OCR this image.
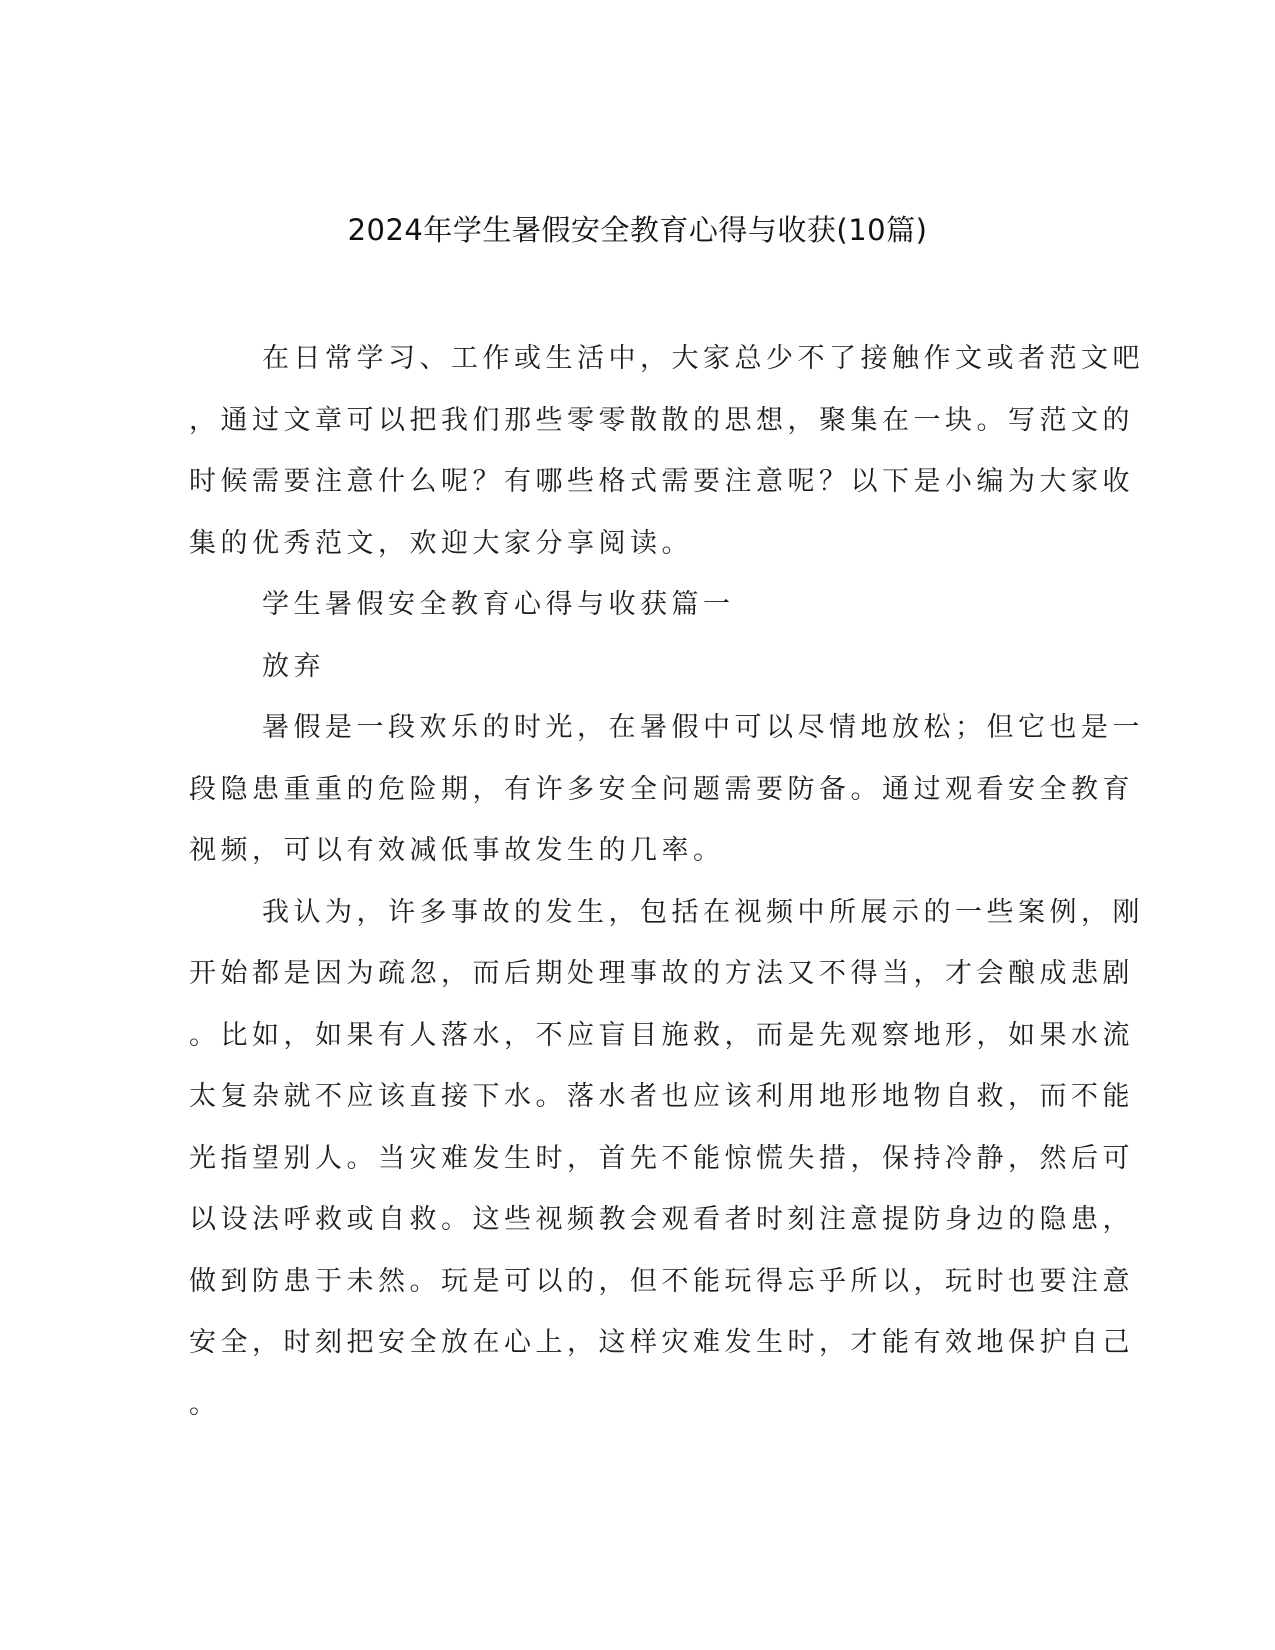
2024年学生暑假安全教育心得与收获(10篇)
在日常学习、工作或生活中，大家总少不了接触作文或者范文吧
，通过文章可以把我们那些零零散散的思想，聚集在一块。写范文的
时候需要注意什么呢？有哪些格式需要注意呢？以下是小编为大家收
集的优秀范文，欢迎大家分享阅读。
学生暑假安全教育心得与收获篇一
放弃
暑假是一段欢乐的时光，在暑假中可以尽情地放松；但它也是一
段隐患重重的危险期，有许多安全问题需要防备。通过观看安全教育
视频，可以有效减低事故发生的几率。
我认为，许多事故的发生，包括在视频中所展示的一些案例，刚
开始都是因为疏忽，而后期处理事故的方法又不得当，才会酿成悲剧
。比如，如果有人落水，不应盲目施救，而是先观察地形，如果水流
太复杂就不应该直接下水。落水者也应该利用地形地物自救，而不能
光指望别人。当灾难发生时，首先不能惊慌失措，保持冷静，然后可
以设法呼救或自救。这些视频教会观看者时刻注意提防身边的隐患，
做到防患于未然。玩是可以的，但不能玩得忘乎所以，玩时也要注意
安全，时刻把安全放在心上，这样灾难发生时，才能有效地保护自己
。
